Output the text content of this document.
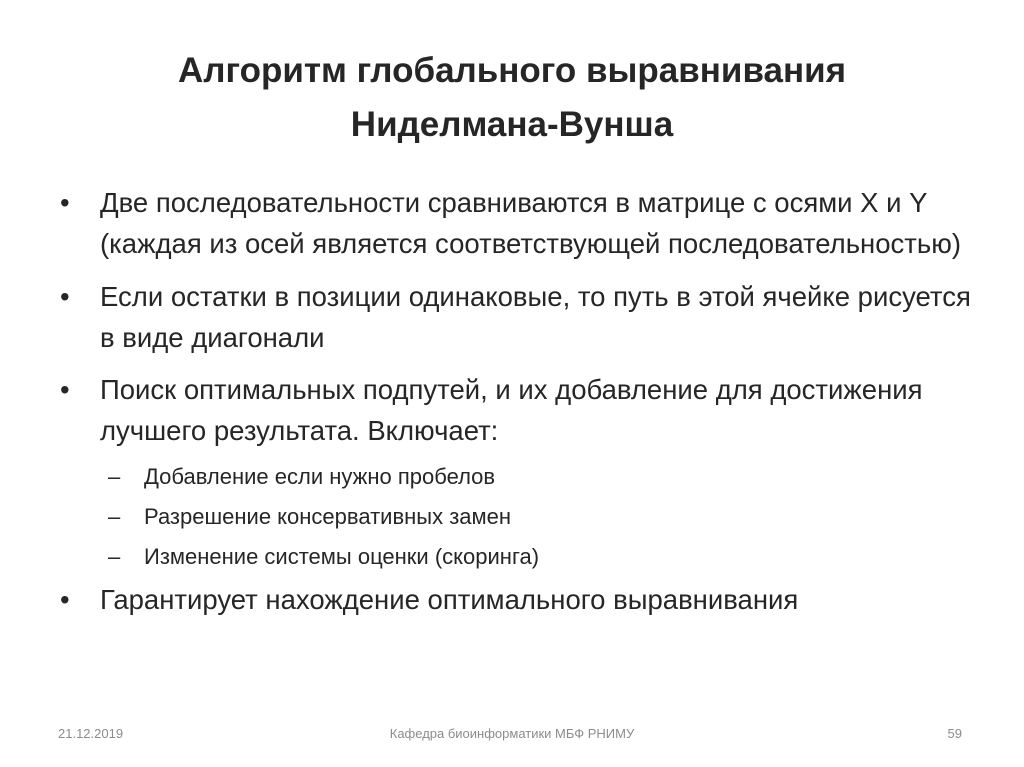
Алгоритм глобального выравнивания
Ниделмана-Вунша
•	Две последовательности сравниваются в матрице с осями X и Y (каждая из осей является соответствующей последовательностью)
•	Если остатки в позиции одинаковые, то путь в этой ячейке рисуется в виде диагонали
•	Поиск оптимальных подпутей, и их добавление для достижения лучшего результата. Включает:
–	Добавление если нужно пробелов
–	Разрешение консервативных замен
–	Изменение системы оценки (скоринга)
•	Гарантирует нахождение оптимального выравнивания
21.12.2019	Кафедра биоинформатики МБФ РНИМУ	59
